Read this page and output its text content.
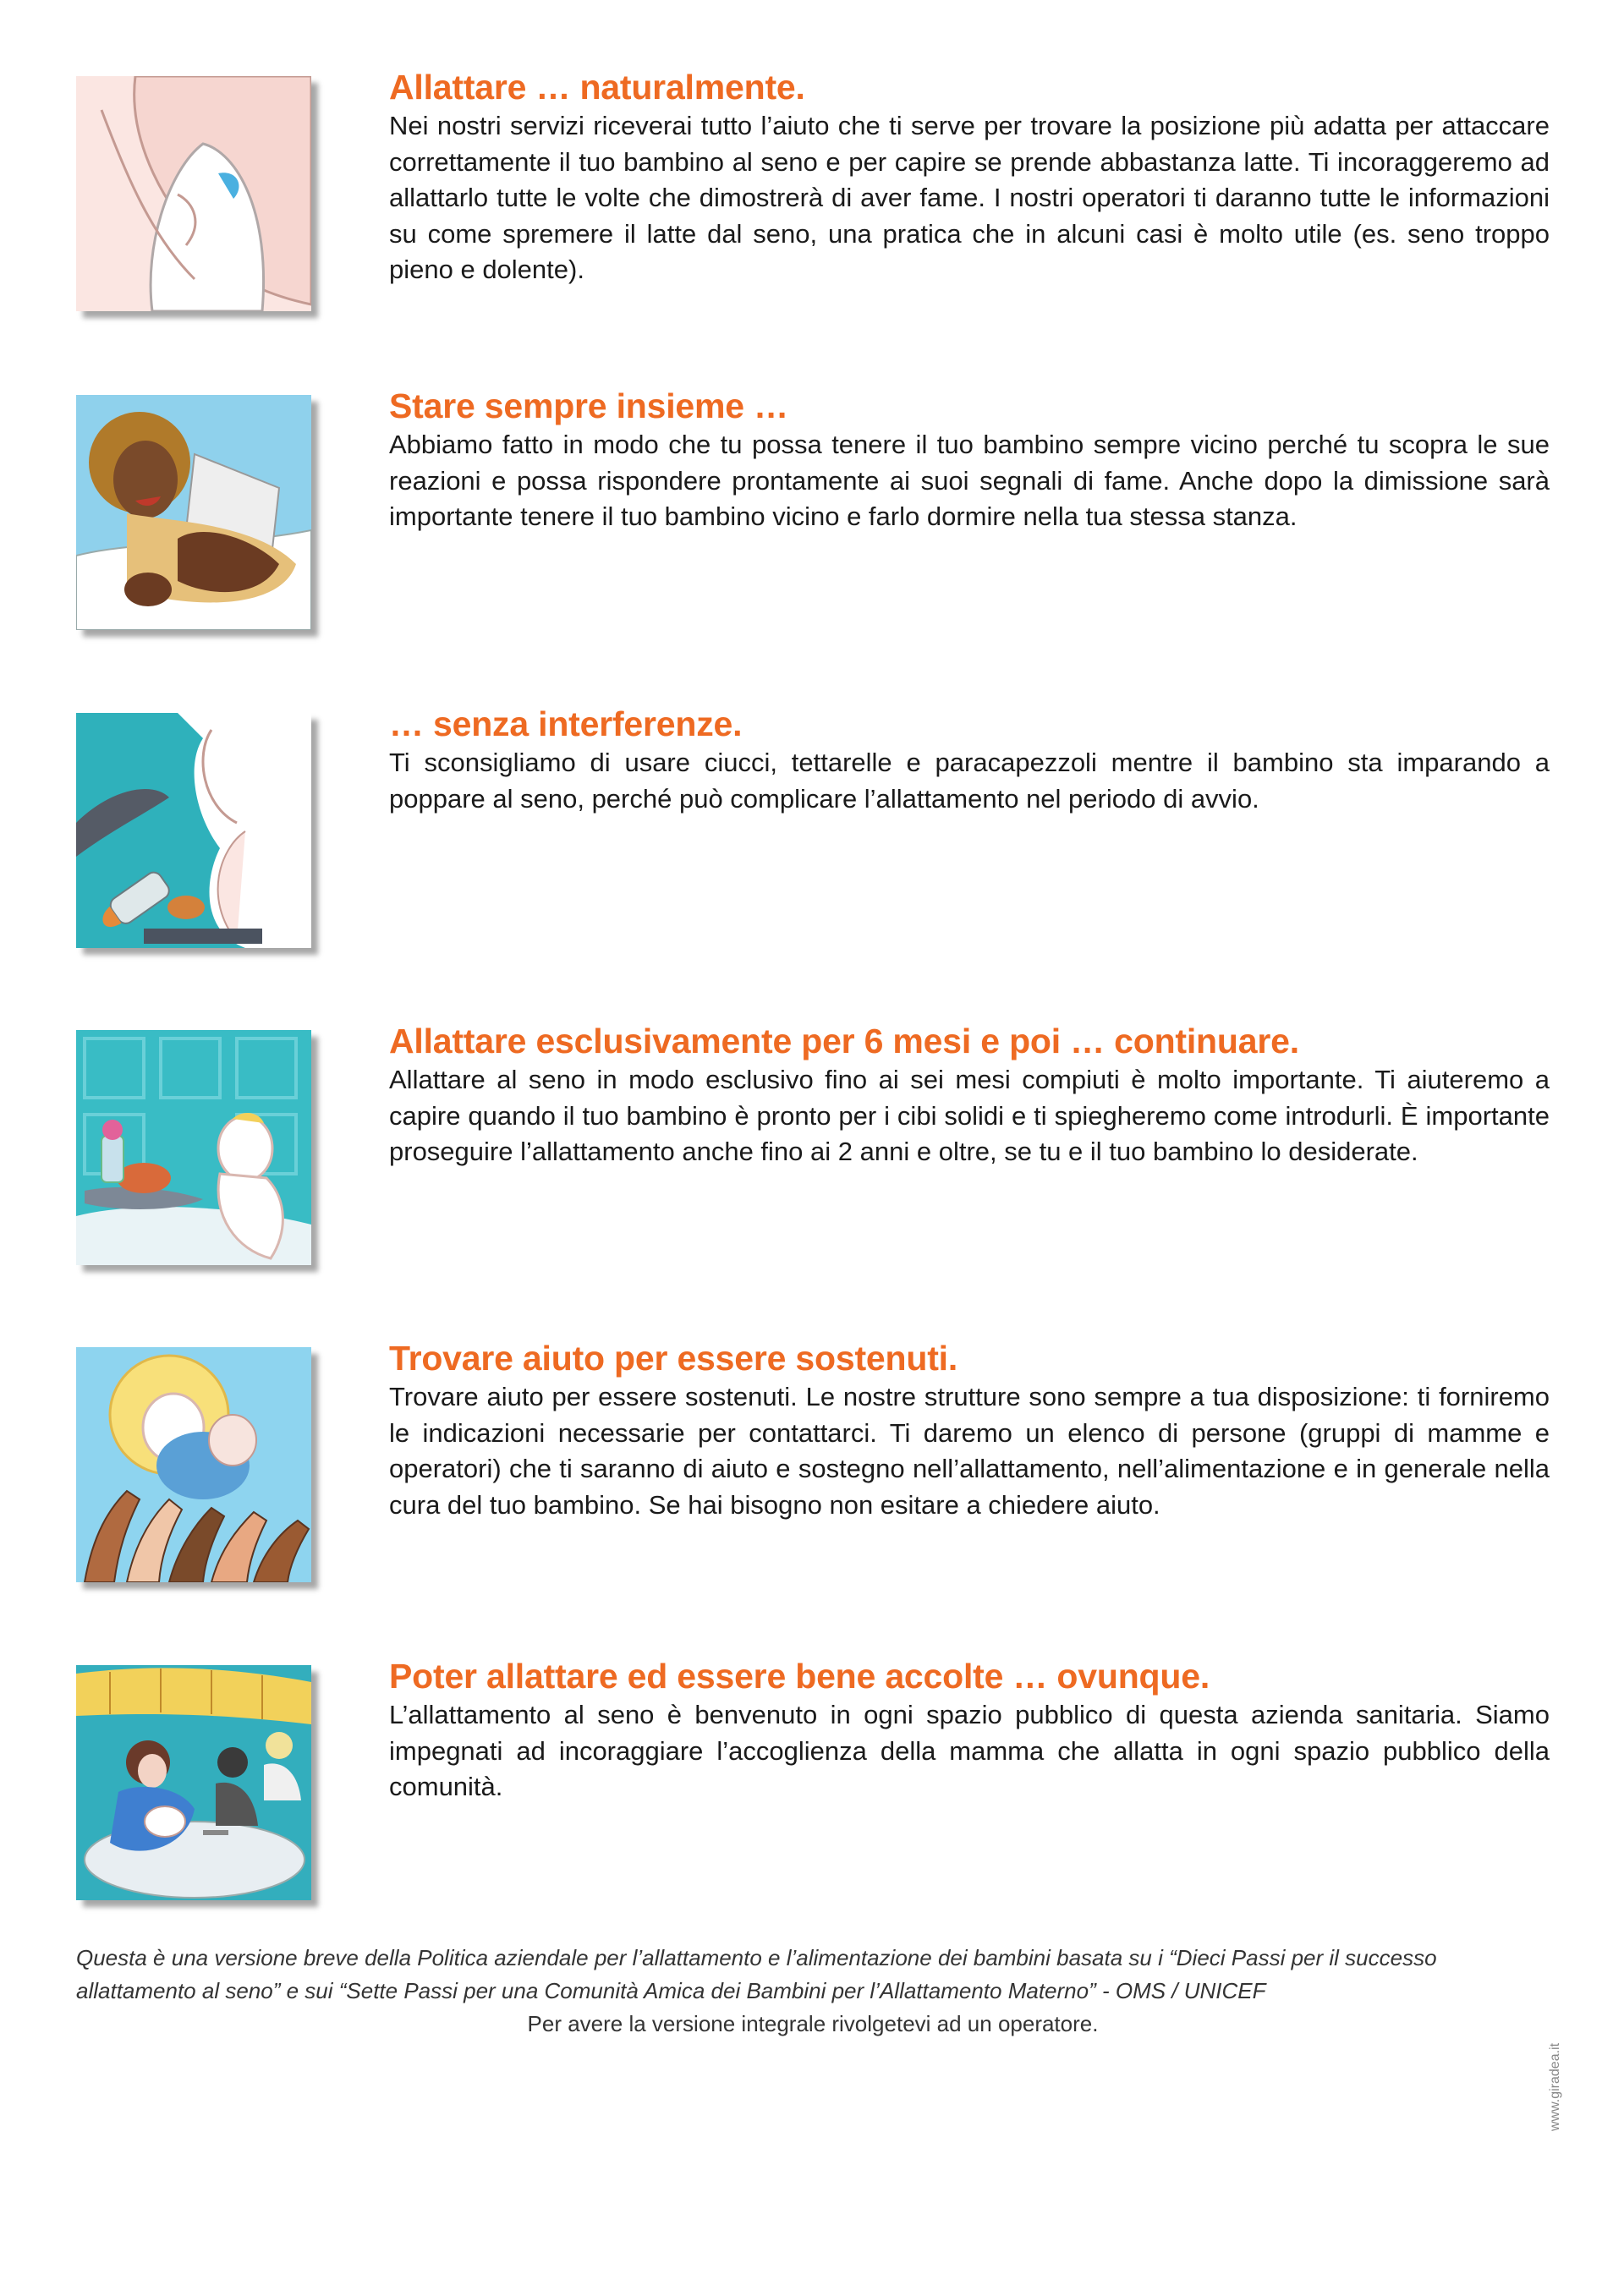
Allattare … naturalmente.

Nei nostri servizi riceverai tutto l’aiuto che ti serve per trovare la posizione più adatta per attaccare correttamente il tuo bambino al seno e per capire se prende abbastanza latte. Ti incoraggeremo ad allattarlo tutte le volte che dimostrerà di aver fame. I nostri operatori ti daranno tutte le informazioni su come spremere il latte dal seno, una pratica che in alcuni casi è molto utile (es. seno troppo pieno e dolente).

Stare sempre insieme …

Abbiamo fatto in modo che tu possa tenere il tuo bambino sempre vicino perché tu scopra le sue reazioni e possa rispondere prontamente ai suoi segnali di fame. Anche dopo la dimissione sarà importante tenere il tuo bambino vicino e farlo dormire nella tua stessa stanza.

… senza interferenze.

Ti sconsigliamo di usare ciucci, tettarelle e paracapezzoli mentre il bambino sta imparando a poppare al seno, perché può complicare l’allattamento nel periodo di avvio.

Allattare esclusivamente per 6 mesi e poi … continuare.

Allattare al seno in modo esclusivo fino ai sei mesi compiuti è molto importante. Ti aiuteremo a capire quando il tuo bambino è pronto per i cibi solidi e ti spiegheremo come introdurli. È importante proseguire l’allattamento anche fino ai 2 anni e oltre, se tu e il tuo bambino lo desiderate.

Trovare aiuto per essere sostenuti.

Trovare aiuto per essere sostenuti. Le nostre strutture sono sempre a tua disposizione: ti forniremo le indicazioni necessarie per contattarci. Ti daremo un elenco di persone (gruppi di mamme e operatori) che ti saranno di aiuto e sostegno nell’allattamento, nell’alimentazione e in generale nella cura del tuo bambino. Se hai bisogno non esitare a chiedere aiuto.

Poter allattare ed essere bene accolte … ovunque.

L’allattamento al seno è benvenuto in ogni spazio pubblico di questa azienda sanitaria. Siamo impegnati ad incoraggiare l’accoglienza della mamma che allatta in ogni spazio pubblico della comunità.

Questa è una versione breve della Politica aziendale per l’allattamento e l’alimentazione dei bambini basata su i “Dieci Passi per il successo allattamento al seno” e sui “Sette Passi per una Comunità Amica dei Bambini per l’Allattamento Materno” - OMS / UNICEF

Per avere la versione integrale rivolgetevi ad un operatore.

www.giradea.it
